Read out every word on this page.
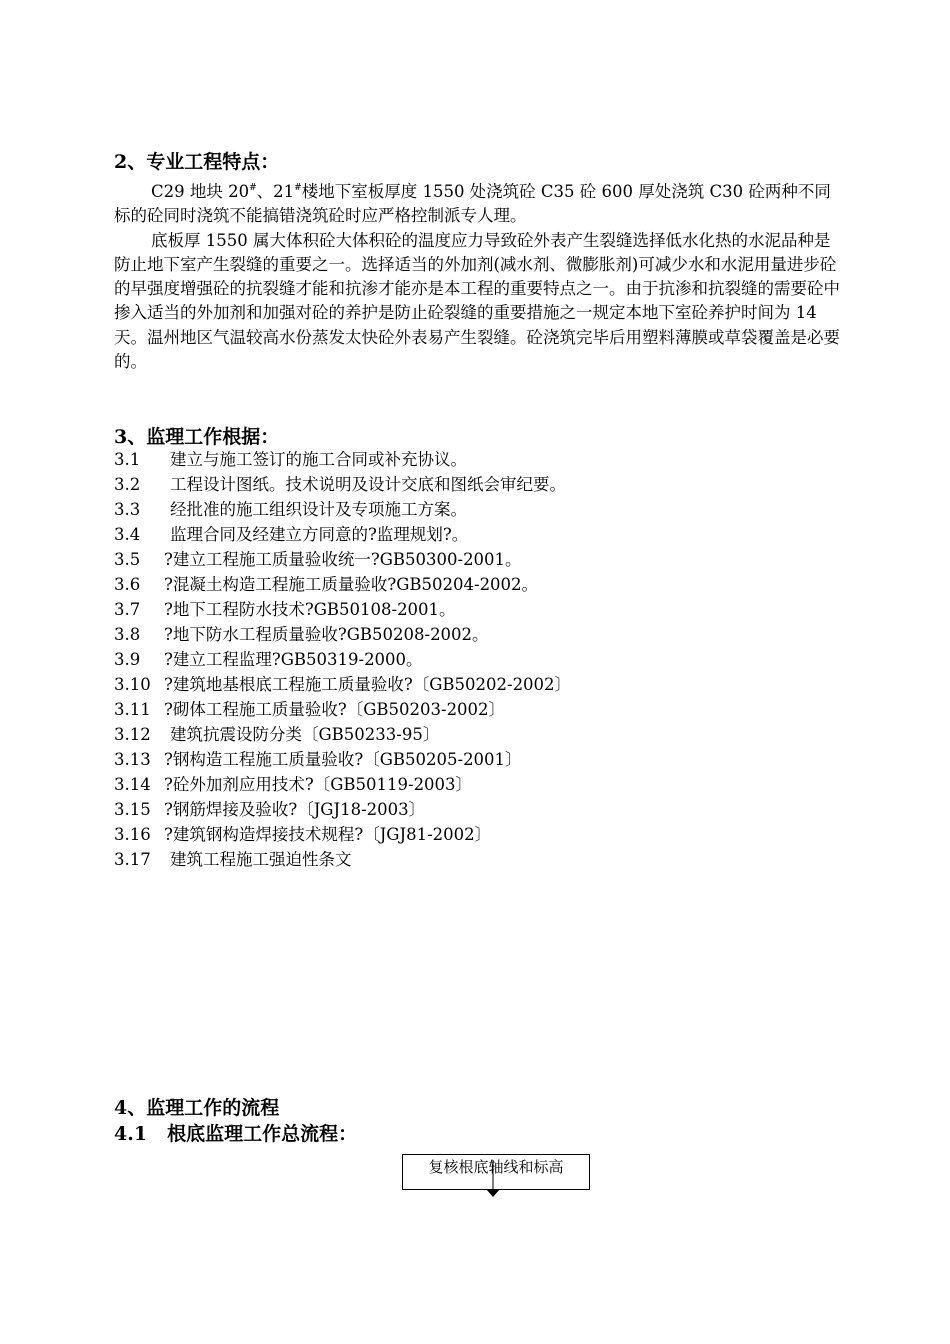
2、专业工程特点：

C29 地块 20#、21#楼地下室板厚度 1550 处浇筑砼 C35 砼 600 厚处浇筑 C30 砼两种不同标的砼同时浇筑不能搞错浇筑砼时应严格控制派专人理。

底板厚 1550 属大体积砼大体积砼的温度应力导致砼外表产生裂缝选择低水化热的水泥品种是防止地下室产生裂缝的重要之一。选择适当的外加剂(减水剂、微膨胀剂)可减少水和水泥用量进步砼的早强度增强砼的抗裂缝才能和抗渗才能亦是本工程的重要特点之一。由于抗渗和抗裂缝的需要砼中掺入适当的外加剂和加强对砼的养护是防止砼裂缝的重要措施之一规定本地下室砼养护时间为 14 天。温州地区气温较高水份蒸发太快砼外表易产生裂缝。砼浇筑完毕后用塑料薄膜或草袋覆盖是必要的。

3、监理工作根据：
3.1 建立与施工签订的施工合同或补充协议。
3.2 工程设计图纸。技术说明及设计交底和图纸会审纪要。
3.3 经批准的施工组织设计及专项施工方案。
3.4 监理合同及经建立方同意的?监理规划?。
3.5 ?建立工程施工质量验收统一?GB50300-2001。
3.6 ?混凝土构造工程施工质量验收?GB50204-2002。
3.7 ?地下工程防水技术?GB50108-2001。
3.8 ?地下防水工程质量验收?GB50208-2002。
3.9 ?建立工程监理?GB50319-2000。
3.10 ?建筑地基根底工程施工质量验收?〔GB50202-2002〕
3.11 ?砌体工程施工质量验收?〔GB50203-2002〕
3.12 建筑抗震设防分类〔GB50233-95〕
3.13 ?钢构造工程施工质量验收?〔GB50205-2001〕
3.14 ?砼外加剂应用技术?〔GB50119-2003〕
3.15 ?钢筋焊接及验收?〔JGJ18-2003〕
3.16 ?建筑钢构造焊接技术规程?〔JGJ81-2002〕
3.17 建筑工程施工强迫性条文
4、监理工作的流程
4.1 根底监理工作总流程：
复核根底轴线和标高
